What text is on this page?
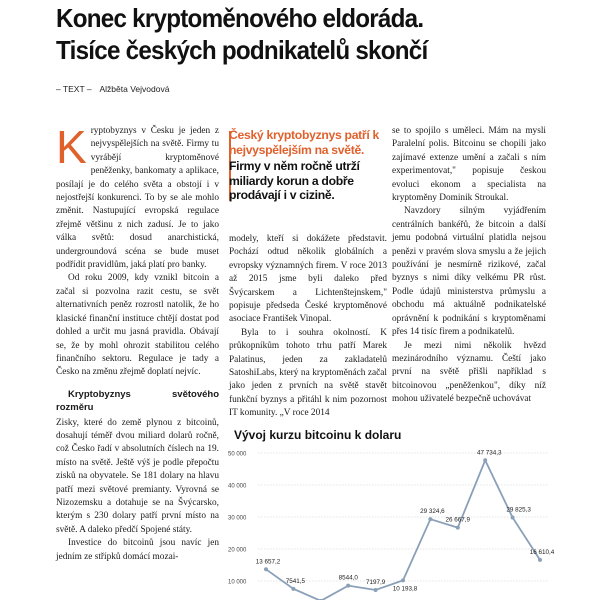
Konec kryptoměnového eldoráda.
Tisíce českých podnikatelů skončí
– TEXT – Alžběta Vejvodová

Kryptobyznys v Česku je jeden z nejvyspělejších na světě. Firmy tu vyrábějí kryptoměnové peněženky, bankomaty a aplikace, posílají je do celého světa a obstojí i v nejostřejší konkurenci. To by se ale mohlo změnit. Nastupující evropská regulace zřejmě většinu z nich zadusí. Je to jako válka světů: dosud anarchistická, undergroundová scéna se bude muset podřídit pravidlům, jaká platí pro banky.

Od roku 2009, kdy vznikl bitcoin a začal si pozvolna razit cestu, se svět alternativních peněz rozrostl natolik, že ho klasické finanční instituce chtějí dostat pod dohled a určit mu jasná pravidla. Obávají se, že by mohl ohrozit stabilitou celého finančního sektoru. Regulace je tady a Česko na změnu zřejmě doplatí nejvíc.

Kryptobyznys světového rozměru

Zisky, které do země plynou z bitcoinů, dosahují téměř dvou miliard dolarů ročně, což Česko řadí v absolutních číslech na 19. místo na světě. Ještě výš je podle přepočtu zisků na obyvatele. Se 181 dolary na hlavu patří mezi světové premianty. Vyrovná se Nizozemsku a dotahuje se na Švýcarsko, kterým s 230 dolary patří první místo na světě. A daleko předčí Spojené státy.

Investice do bitcoinů jsou navíc jen jedním ze střípků domácí mozai-

Český kryptobyznys patří k nejvyspělejším na světě.
Firmy v něm ročně utrží miliardy korun a dobře prodávají i v cizině.

modely, kteří si dokážete představit. Pochází odtud několik globálních a evropsky významných firem. V roce 2013 až 2015 jsme byli daleko před Švýcarskem a Lichtenštejnskem," popisuje předseda České kryptoměnové asociace František Vinopal.

Byla to i souhra okolností. K průkopníkům tohoto trhu patří Marek Palatinus, jeden za zakladatelů SatoshiLabs, který na kryptoměnách začal jako jeden z prvních na světě stavět funkční byznys a přitáhl k nim pozornost IT komunity. „V roce 2014

se to spojilo s uměleci. Mám na mysli Paralelní polis. Bitcoinu se chopili jako zajímavé extenze umění a začali s ním experimentovat," popisuje českou evoluci ekonom a specialista na kryptoměny Dominik Stroukal.

Navzdory silným vyjádřením centrálních bankéřů, že bitcoin a další jemu podobná virtuální platidla nejsou penězi v pravém slova smyslu a že jejich používání je nesmírně rizikové, začal byznys s nimi díky velkému PR růst. Podle údajů ministerstva průmyslu a obchodu má aktuálně podnikatelské oprávnění k podnikání s kryptoměnami přes 14 tisíc firem a podnikatelů.

Je mezi nimi několik hvězd mezinárodního významu. Čeští jako první na světě přišli například s bitcoinovou „peněženkou", díky níž mohou uživatelé bezpečně uchovávat

Vývoj kurzu bitcoinu k dolaru
50 000
40 000
30 000
20 000
10 000
13 657,2
7541,5	8544,0
7197,9
10 193,8
29 324,6
26 667,9
47 734,3
29 825,3
16 610,4
